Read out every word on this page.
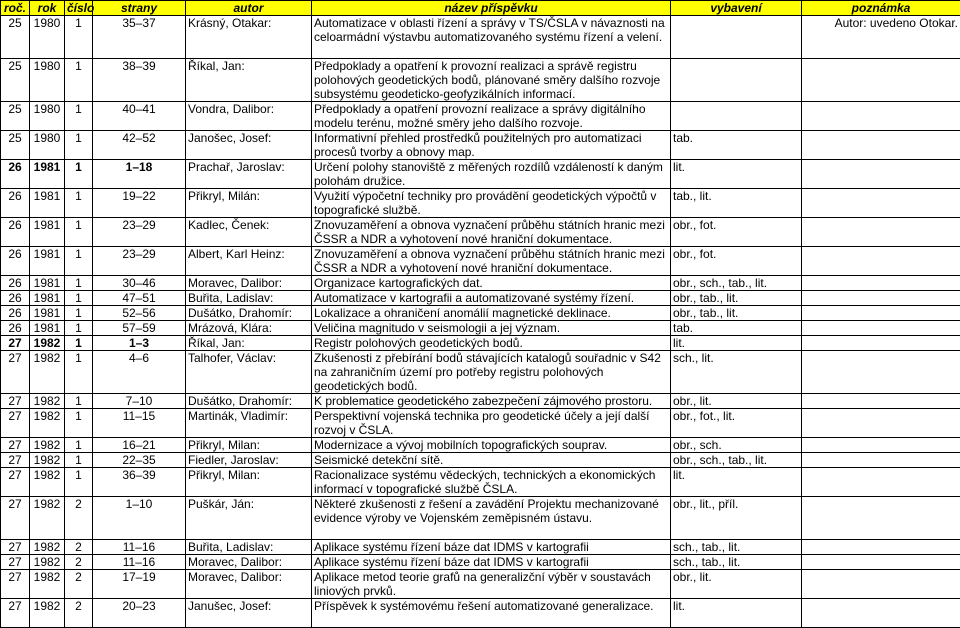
roč.	rok	číslo	strany	autor	název příspěvku	vybavení	poznámka
25	1980	1	35–37	Krásný, Otakar:	Automatizace v oblasti řízení a správy v TS/ČSLA v návaznosti na celoarmádní výstavbu automatizovaného systému řízení a velení.		Autor: uvedeno Otokar.
25	1980	1	38–39	Říkal, Jan:	Předpoklady a opatření k provozní realizaci a správě registru polohových geodetických bodů, plánované směry dalšího rozvoje subsystému geodeticko-geofyzikálních informací.		
25	1980	1	40–41	Vondra, Dalibor:	Předpoklady a opatření provozní realizace a správy digitálního modelu terénu, možné směry jeho dalšího rozvoje.		
25	1980	1	42–52	Janošec, Josef:	Informativní přehled prostředků použitelných pro automatizaci procesů tvorby a obnovy map.	tab.	
26	1981	1	1–18	Prachař, Jaroslav:	Určení polohy stanoviště z měřených rozdílů vzdáleností k daným polohám družice.	lit.	
26	1981	1	19–22	Přikryl, Milán:	Využití výpočetní techniky pro provádění geodetických výpočtů v topografické službě.	tab., lit.	
26	1981	1	23–29	Kadlec, Čenek:	Znovuzaměření a obnova vyznačení průběhu státních hranic mezi ČSSR a NDR a vyhotovení nové hraniční dokumentace.	obr., fot.	
26	1981	1	23–29	Albert, Karl Heinz:	Znovuzaměření a obnova vyznačení průběhu státních hranic mezi ČSSR a NDR a vyhotovení nové hraniční dokumentace.	obr., fot.	
26	1981	1	30–46	Moravec, Dalibor:	Organizace kartografických dat.	obr., sch., tab., lit.	
26	1981	1	47–51	Buřita, Ladislav:	Automatizace v kartografii a automatizované systémy řízení.	obr., tab., lit.	
26	1981	1	52–56	Dušátko, Drahomír:	Lokalizace a ohraničení anomálií magnetické deklinace.	obr., tab., lit.	
26	1981	1	57–59	Mrázová, Klára:	Veličina magnitudo v seismologii a jej význam.	tab.	
27	1982	1	1–3	Říkal, Jan:	Registr polohových geodetických bodů.	lit.	
27	1982	1	4–6	Talhofer, Václav:	Zkušenosti z přebírání bodů stávajících katalogů souřadnic v S42 na zahraničním území pro potřeby registru polohových geodetických bodů.	sch., lit.	
27	1982	1	7–10	Dušátko, Drahomír:	K problematice geodetického zabezpečení zájmového prostoru.	obr., lit.	
27	1982	1	11–15	Martinák, Vladimír:	Perspektivní vojenská technika pro geodetické účely a její další rozvoj v ČSLA.	obr., fot., lit.	
27	1982	1	16–21	Přikryl, Milan:	Modernizace a vývoj mobilních topografických souprav.	obr., sch.	
27	1982	1	22–35	Fiedler, Jaroslav:	Seismické detekční sítě.	obr., sch., tab., lit.	
27	1982	1	36–39	Přikryl, Milan:	Racionalizace systému vědeckých, technických a ekonomických informací v topografické službě ČSLA.	lit.	
27	1982	2	1–10	Puškár, Ján:	Některé zkušenosti z řešení a zavádění Projektu mechanizované evidence výroby ve Vojenském zeměpisném ústavu.	obr., lit., příl.	
27	1982	2	11–16	Buřita, Ladislav:	Aplikace systému řízení báze dat IDMS v kartografii	sch., tab., lit.	
27	1982	2	11–16	Moravec, Dalibor:	Aplikace systému řízení báze dat IDMS v kartografii	sch., tab., lit.	
27	1982	2	17–19	Moravec, Dalibor:	Aplikace metod teorie grafů na generalizční výběr v soustavách liniových prvků.	obr., lit.	
27	1982	2	20–23	Janušec, Josef:	Příspěvek k systémovému řešení automatizované generalizace.	lit.	
